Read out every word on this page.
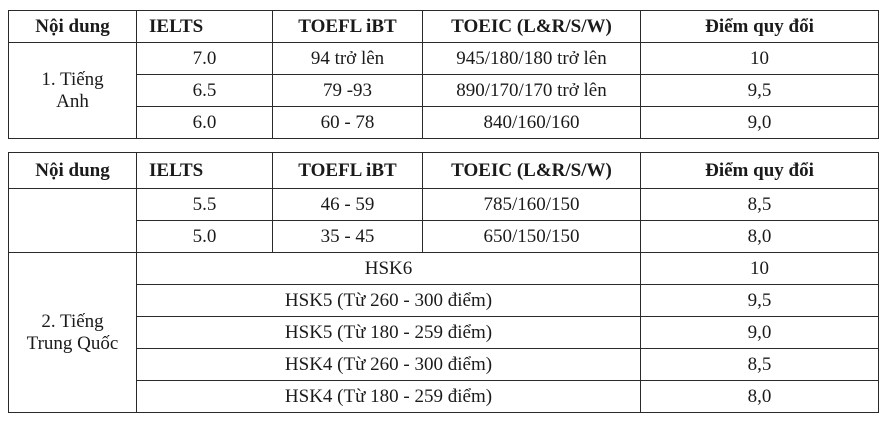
Nội dung	IELTS	TOEFL iBT	TOEIC (L&R/S/W)	Điểm quy đổi
1. Tiếng Anh	7.0	94 trở lên	945/180/180 trở lên	10
	6.5	79 -93	890/170/170 trở lên	9,5
	6.0	60 - 78	840/160/160	9,0
Nội dung	IELTS	TOEFL iBT	TOEIC (L&R/S/W)	Điểm quy đổi
	5.5	46 - 59	785/160/150	8,5
	5.0	35 - 45	650/150/150	8,0
2. Tiếng Trung Quốc	HSK6			10
	HSK5 (Từ 260 - 300 điểm)			9,5
	HSK5 (Từ 180 - 259 điểm)			9,0
	HSK4 (Từ 260 - 300 điểm)			8,5
	HSK4 (Từ 180 - 259 điểm)			8,0
